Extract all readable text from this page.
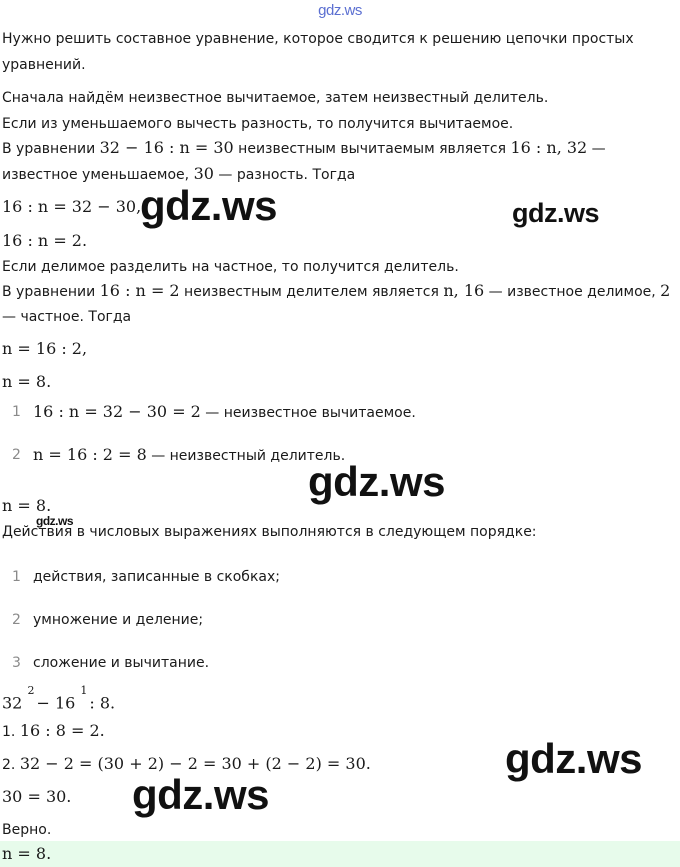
gdz.ws
gdz.ws	gdz.ws
gdz.ws
gdz.ws
gdz.ws
gdz.ws
Нужно решить составное уравнение, которое сводится к решению цепочки простых
уравнений.
Сначала найдём неизвестное вычитаемое, затем неизвестный делитель.
Если из уменьшаемого вычесть разность, то получится вычитаемое.
В уравнении 32 − 16 : n = 30 неизвестным вычитаемым является 16 : n, 32 —
известное уменьшаемое, 30 — разность. Тогда
16 : n = 32 − 30,
16 : n = 2.
Если делимое разделить на частное, то получится делитель.
В уравнении 16 : n = 2 неизвестным делителем является n, 16 — известное делимое, 2
— частное. Тогда
n = 16 : 2,
n = 8.
1 16 : n = 32 − 30 = 2 — неизвестное вычитаемое.
2 n = 16 : 2 = 8 — неизвестный делитель.
n = 8.
Действия в числовых выражениях выполняются в следующем порядке:
1 действия, записанные в скобках;
2 умножение и деление;
3 сложение и вычитание.
32 $^2$− 16 $^1$: 8.
1. 16 : 8 = 2.
2. 32 − 2 = (30 + 2) − 2 = 30 + (2 − 2) = 30.
30 = 30.
Верно.
n = 8.
